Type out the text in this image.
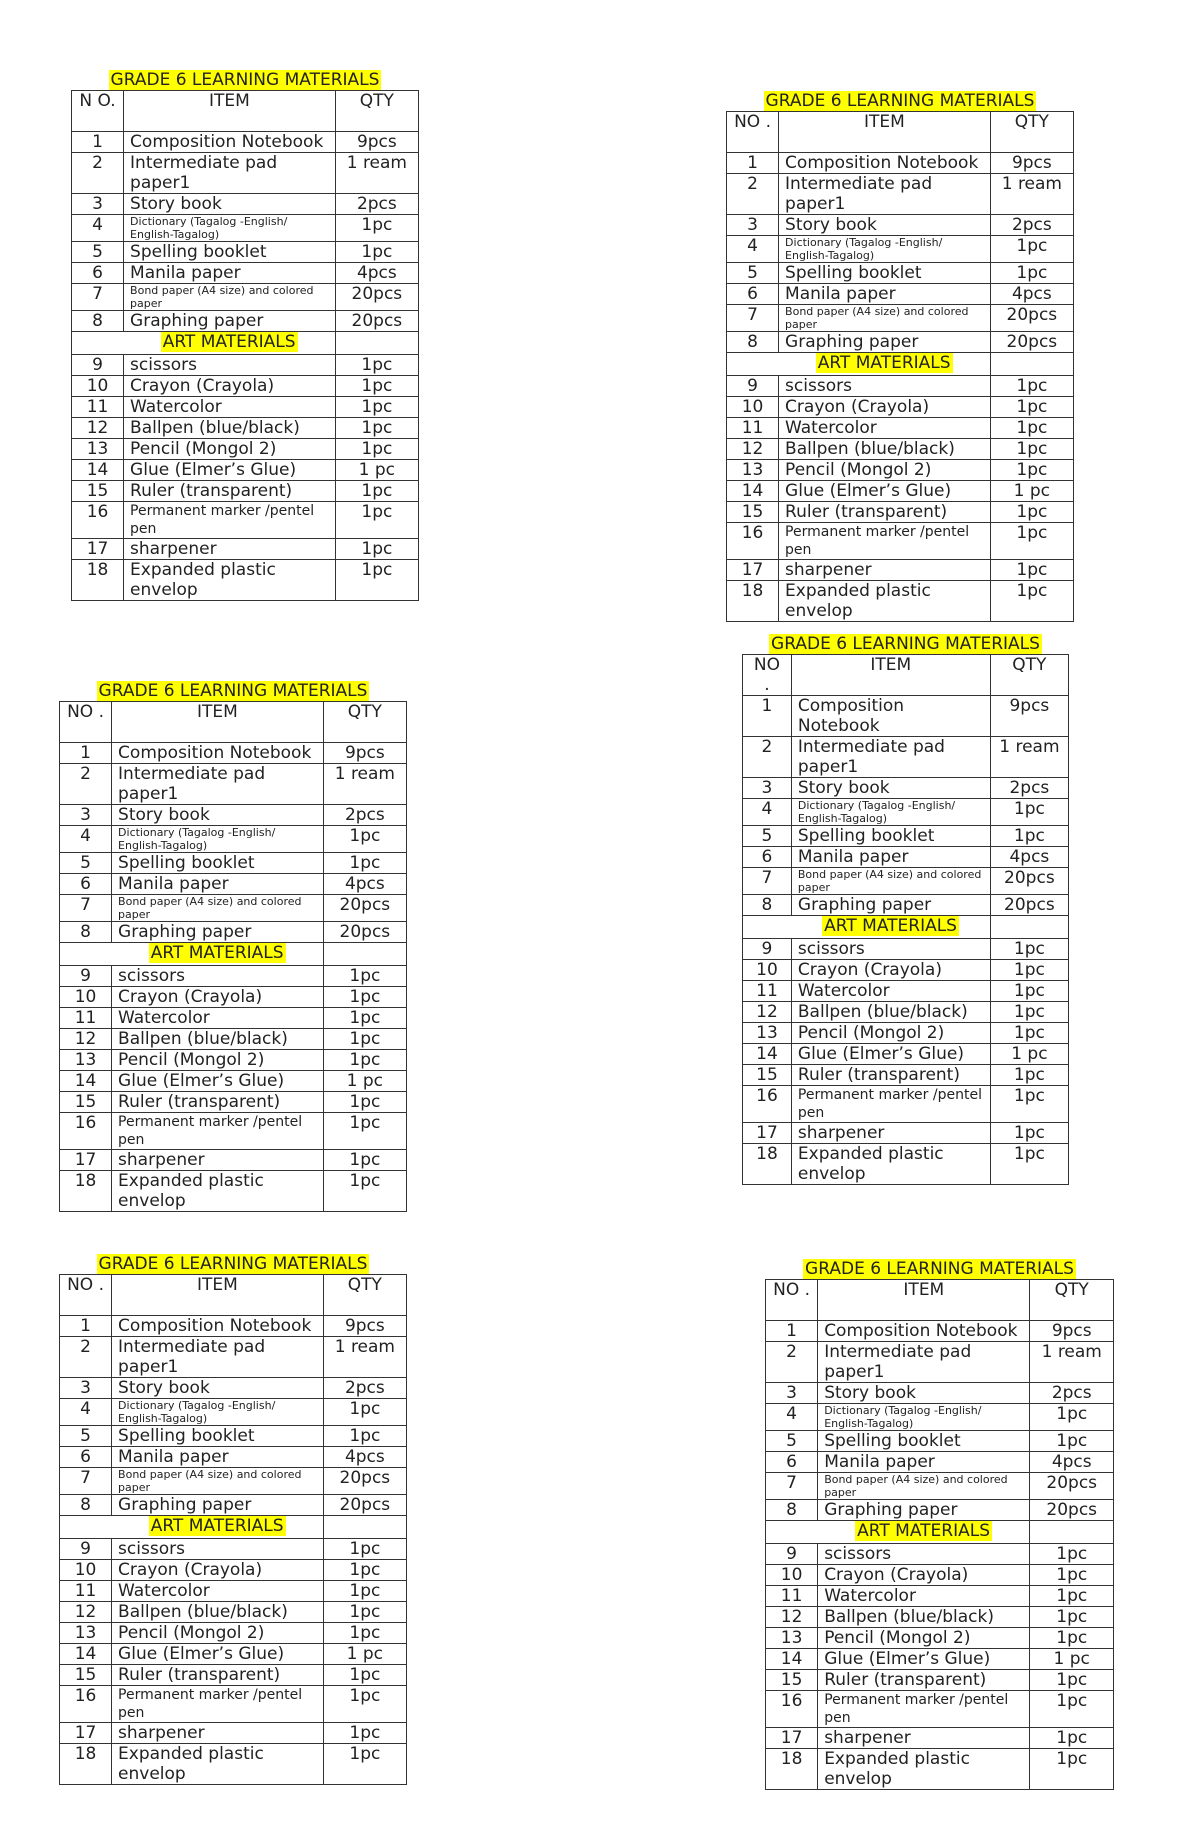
GRADE 6 LEARNING MATERIALS		
N O.	ITEM	QTY
1	Composition Notebook	9pcs
2	Intermediate pad paper1	1 ream
3	Story book	2pcs
4	Dictionary (Tagalog -English/ English-Tagalog)	1pc
5	Spelling booklet	1pc
6	Manila paper	4pcs
7	Bond paper (A4 size) and colored paper	20pcs
8	Graphing paper	20pcs
	ART MATERIALS	
9	scissors	1pc
10	Crayon (Crayola)	1pc
11	Watercolor	1pc
12	Ballpen (blue/black)	1pc
13	Pencil (Mongol 2)	1pc
14	Glue (Elmer’s Glue)	1 pc
15	Ruler (transparent)	1pc
16	Permanent marker /pentel pen	1pc
17	sharpener	1pc
18	Expanded plastic envelop	1pc
GRADE 6 LEARNING MATERIALS		
NO .	ITEM	QTY
1	Composition Notebook	9pcs
2	Intermediate pad paper1	1 ream
3	Story book	2pcs
4	Dictionary (Tagalog -English/ English-Tagalog)	1pc
5	Spelling booklet	1pc
6	Manila paper	4pcs
7	Bond paper (A4 size) and colored paper	20pcs
8	Graphing paper	20pcs
	ART MATERIALS	
9	scissors	1pc
10	Crayon (Crayola)	1pc
11	Watercolor	1pc
12	Ballpen (blue/black)	1pc
13	Pencil (Mongol 2)	1pc
14	Glue (Elmer’s Glue)	1 pc
15	Ruler (transparent)	1pc
16	Permanent marker /pentel pen	1pc
17	sharpener	1pc
18	Expanded plastic envelop	1pc
GRADE 6 LEARNING MATERIALS		
NO .	ITEM	QTY
1	Composition Notebook	9pcs
2	Intermediate pad paper1	1 ream
3	Story book	2pcs
4	Dictionary (Tagalog -English/ English-Tagalog)	1pc
5	Spelling booklet	1pc
6	Manila paper	4pcs
7	Bond paper (A4 size) and colored paper	20pcs
8	Graphing paper	20pcs
	ART MATERIALS	
9	scissors	1pc
10	Crayon (Crayola)	1pc
11	Watercolor	1pc
12	Ballpen (blue/black)	1pc
13	Pencil (Mongol 2)	1pc
14	Glue (Elmer’s Glue)	1 pc
15	Ruler (transparent)	1pc
16	Permanent marker /pentel pen	1pc
17	sharpener	1pc
18	Expanded plastic envelop	1pc
GRADE 6 LEARNING MATERIALS		
NO .	ITEM	QTY
1	Composition Notebook	9pcs
2	Intermediate pad paper1	1 ream
3	Story book	2pcs
4	Dictionary (Tagalog -English/ English-Tagalog)	1pc
5	Spelling booklet	1pc
6	Manila paper	4pcs
7	Bond paper (A4 size) and colored paper	20pcs
8	Graphing paper	20pcs
	ART MATERIALS	
9	scissors	1pc
10	Crayon (Crayola)	1pc
11	Watercolor	1pc
12	Ballpen (blue/black)	1pc
13	Pencil (Mongol 2)	1pc
14	Glue (Elmer’s Glue)	1 pc
15	Ruler (transparent)	1pc
16	Permanent marker /pentel pen	1pc
17	sharpener	1pc
18	Expanded plastic envelop	1pc
GRADE 6 LEARNING MATERIALS		
NO .	ITEM	QTY
1	Composition Notebook	9pcs
2	Intermediate pad paper1	1 ream
3	Story book	2pcs
4	Dictionary (Tagalog -English/ English-Tagalog)	1pc
5	Spelling booklet	1pc
6	Manila paper	4pcs
7	Bond paper (A4 size) and colored paper	20pcs
8	Graphing paper	20pcs
	ART MATERIALS	
9	scissors	1pc
10	Crayon (Crayola)	1pc
11	Watercolor	1pc
12	Ballpen (blue/black)	1pc
13	Pencil (Mongol 2)	1pc
14	Glue (Elmer’s Glue)	1 pc
15	Ruler (transparent)	1pc
16	Permanent marker /pentel pen	1pc
17	sharpener	1pc
18	Expanded plastic envelop	1pc
GRADE 6 LEARNING MATERIALS		
NO .	ITEM	QTY
1	Composition Notebook	9pcs
2	Intermediate pad paper1	1 ream
3	Story book	2pcs
4	Dictionary (Tagalog -English/ English-Tagalog)	1pc
5	Spelling booklet	1pc
6	Manila paper	4pcs
7	Bond paper (A4 size) and colored paper	20pcs
8	Graphing paper	20pcs
	ART MATERIALS	
9	scissors	1pc
10	Crayon (Crayola)	1pc
11	Watercolor	1pc
12	Ballpen (blue/black)	1pc
13	Pencil (Mongol 2)	1pc
14	Glue (Elmer’s Glue)	1 pc
15	Ruler (transparent)	1pc
16	Permanent marker /pentel pen	1pc
17	sharpener	1pc
18	Expanded plastic envelop	1pc
